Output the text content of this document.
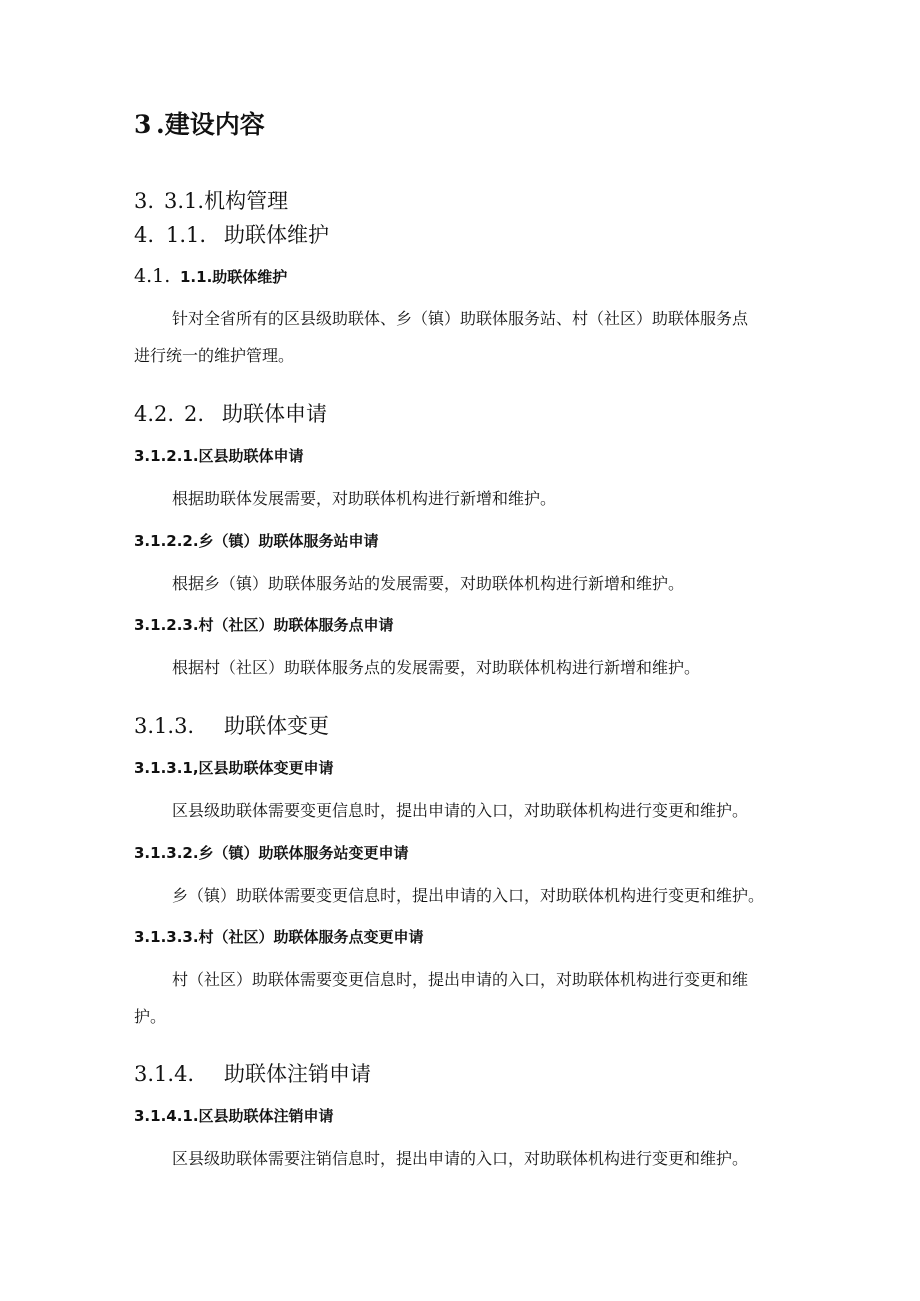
3 .建设内容
3. 3.1.机构管理
4. 1.1. 助联体维护
4.1. 1.1.助联体维护
针对全省所有的区县级助联体、乡（镇）助联体服务站、村（社区）助联体服务点
进行统一的维护管理。
4.2. 2. 助联体申请
3.1.2.1.区县助联体申请
根据助联体发展需要，对助联体机构进行新增和维护。
3.1.2.2.乡（镇）助联体服务站申请
根据乡（镇）助联体服务站的发展需要，对助联体机构进行新增和维护。
3.1.2.3.村（社区）助联体服务点申请
根据村（社区）助联体服务点的发展需要，对助联体机构进行新增和维护。
3.1.3. 助联体变更
3.1.3.1,区县助联体变更申请
区县级助联体需要变更信息时，提出申请的入口，对助联体机构进行变更和维护。
3.1.3.2.乡（镇）助联体服务站变更申请
乡（镇）助联体需要变更信息时，提出申请的入口，对助联体机构进行变更和维护。
3.1.3.3.村（社区）助联体服务点变更申请
村（社区）助联体需要变更信息时，提出申请的入口，对助联体机构进行变更和维
护。
3.1.4. 助联体注销申请
3.1.4.1.区县助联体注销申请
区县级助联体需要注销信息时，提出申请的入口，对助联体机构进行变更和维护。
